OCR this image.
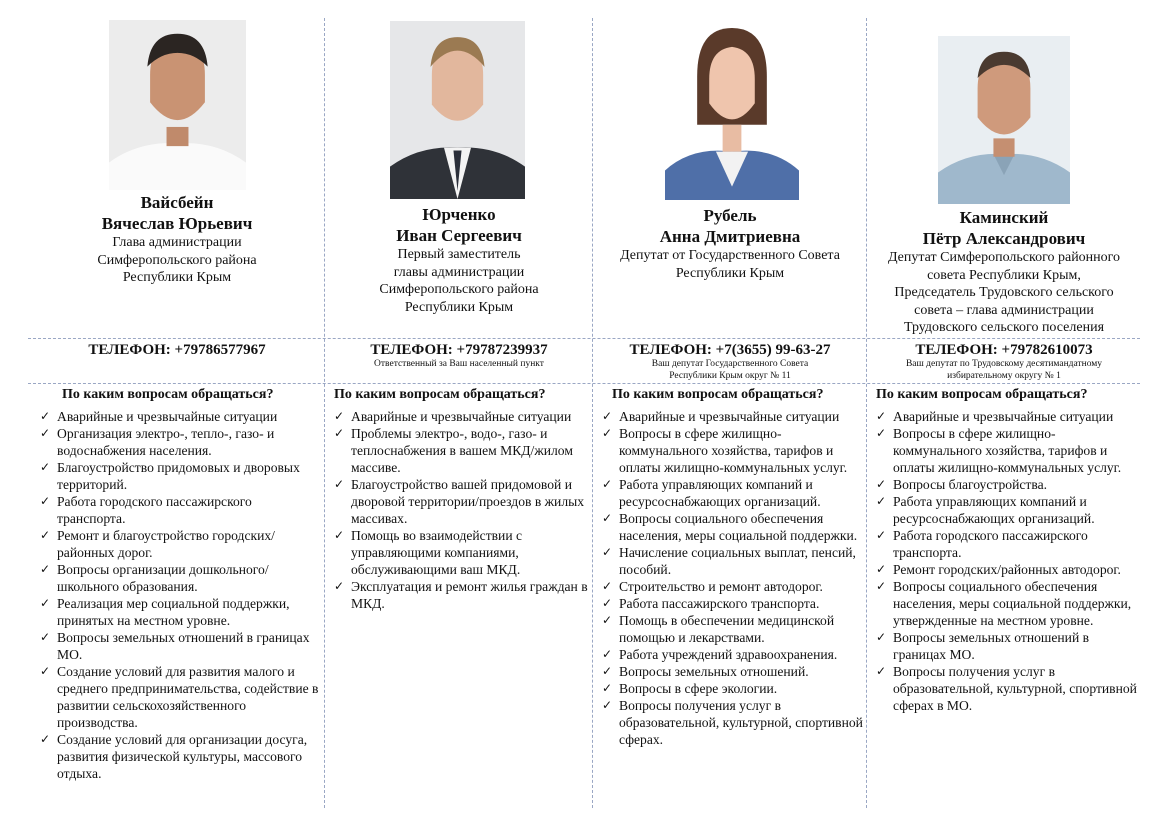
Вайсбейн
Вячеслав Юрьевич
Глава администрации
Симферопольского района
Республики Крым
ТЕЛЕФОН: +79786577967
По каким вопросам обращаться?
✓ Аварийные и чрезвычайные ситуации
✓ Организация электро-, тепло-, газо- и водоснабжения населения.
✓ Благоустройство придомовых и дворовых территорий.
✓ Работа городского пассажирского транспорта.
✓ Ремонт и благоустройство городских/районных дорог.
✓ Вопросы организации дошкольного/школьного образования.
✓ Реализация мер социальной поддержки, принятых на местном уровне.
✓ Вопросы земельных отношений в границах МО.
✓ Создание условий для развития малого и среднего предпринимательства, содействие в развитии сельскохозяйственного производства.
✓ Создание условий для организации досуга, развития физической культуры, массового отдыха.
Юрченко
Иван Сергеевич
Первый заместитель
главы администрации
Симферопольского района
Республики Крым
ТЕЛЕФОН: +79787239937
Ответственный за Ваш населенный пункт
По каким вопросам обращаться?
✓ Аварийные и чрезвычайные ситуации
✓ Проблемы электро-, водо-, газо- и теплоснабжения в вашем МКД/жилом массиве.
✓ Благоустройство вашей придомовой и дворовой территории/проездов в жилых массивах.
✓ Помощь во взаимодействии с управляющими компаниями, обслуживающими ваш МКД.
✓ Эксплуатация и ремонт жилья граждан в МКД.
Рубель
Анна Дмитриевна
Депутат от Государственного Совета
Республики Крым
ТЕЛЕФОН: +7(3655) 99-63-27
Ваш депутат Государственного Совета Республики Крым округ № 11
По каким вопросам обращаться?
✓ Аварийные и чрезвычайные ситуации
✓ Вопросы в сфере жилищно-коммунального хозяйства, тарифов и оплаты жилищно-коммунальных услуг.
✓ Работа управляющих компаний и ресурсоснабжающих организаций.
✓ Вопросы социального обеспечения населения, меры социальной поддержки.
✓ Начисление социальных выплат, пенсий, пособий.
✓ Строительство и ремонт автодорог.
✓ Работа пассажирского транспорта.
✓ Помощь в обеспечении медицинской помощью и лекарствами.
✓ Работа учреждений здравоохранения.
✓ Вопросы земельных отношений.
✓ Вопросы в сфере экологии.
✓ Вопросы получения услуг в образовательной, культурной, спортивной сферах.
Каминский
Пётр Александрович
Депутат Симферопольского районного
совета Республики Крым,
Председатель Трудовского сельского
совета – глава администрации
Трудовского сельского поселения
ТЕЛЕФОН: +79782610073
Ваш депутат по Трудовскому десятимандатному избирательному округу № 1
По каким вопросам обращаться?
✓ Аварийные и чрезвычайные ситуации
✓ Вопросы в сфере жилищно-коммунального хозяйства, тарифов и оплаты жилищно-коммунальных услуг.
✓ Вопросы благоустройства.
✓ Работа управляющих компаний и ресурсоснабжающих организаций.
✓ Работа городского пассажирского транспорта.
✓ Ремонт городских/районных автодорог.
✓ Вопросы социального обеспечения населения, меры социальной поддержки, утвержденные на местном уровне.
✓ Вопросы земельных отношений в границах МО.
✓ Вопросы получения услуг в образовательной, культурной, спортивной сферах в МО.
